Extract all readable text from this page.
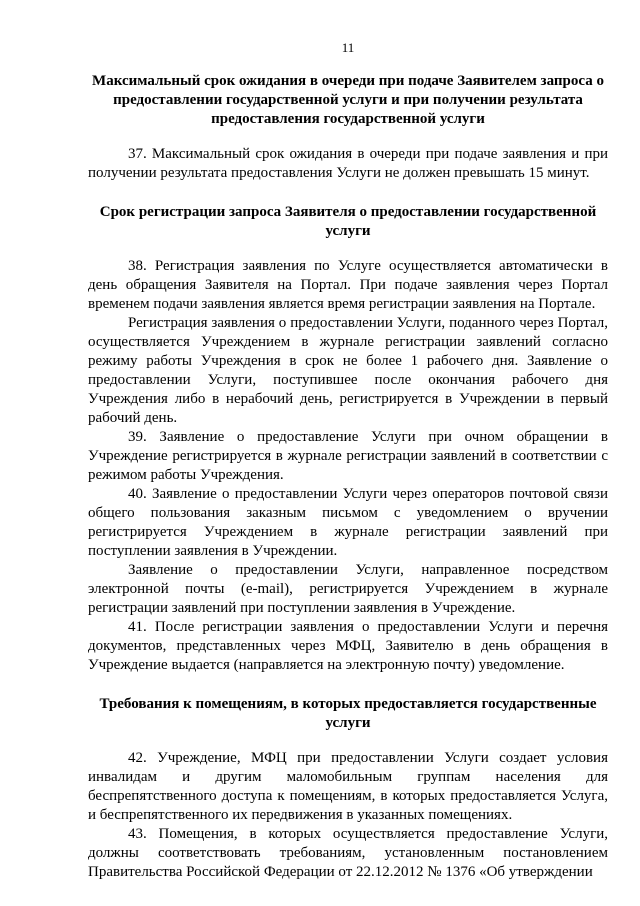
11
Максимальный срок ожидания в очереди при подаче Заявителем запроса о предоставлении государственной услуги и при получении результата предоставления государственной услуги

37. Максимальный срок ожидания в очереди при подаче заявления и при получении результата предоставления Услуги не должен превышать 15 минут.

Срок регистрации запроса Заявителя о предоставлении государственной услуги

38. Регистрация заявления по Услуге осуществляется автоматически в день обращения Заявителя на Портал. При подаче заявления через Портал временем подачи заявления является время регистрации заявления на Портале.

Регистрация заявления о предоставлении Услуги, поданного через Портал, осуществляется Учреждением в журнале регистрации заявлений согласно режиму работы Учреждения в срок не более 1 рабочего дня. Заявление о предоставлении Услуги, поступившее после окончания рабочего дня Учреждения либо в нерабочий день, регистрируется в Учреждении в первый рабочий день.

39. Заявление о предоставление Услуги при очном обращении в Учреждение регистрируется в журнале регистрации заявлений в соответствии с режимом работы Учреждения.

40. Заявление о предоставлении Услуги через операторов почтовой связи общего пользования заказным письмом с уведомлением о вручении регистрируется Учреждением в журнале регистрации заявлений при поступлении заявления в Учреждении.

Заявление о предоставлении Услуги, направленное посредством электронной почты (e-mail), регистрируется Учреждением в журнале регистрации заявлений при поступлении заявления в Учреждение.

41. После регистрации заявления о предоставлении Услуги и перечня документов, представленных через МФЦ, Заявителю в день обращения в Учреждение выдается (направляется на электронную почту) уведомление.

Требования к помещениям, в которых предоставляется государственные услуги

42. Учреждение, МФЦ при предоставлении Услуги создает условия инвалидам и другим маломобильным группам населения для беспрепятственного доступа к помещениям, в которых предоставляется Услуга, и беспрепятственного их передвижения в указанных помещениях.

43. Помещения, в которых осуществляется предоставление Услуги, должны соответствовать требованиям, установленным постановлением Правительства Российской Федерации от 22.12.2012 № 1376 «Об утверждении
